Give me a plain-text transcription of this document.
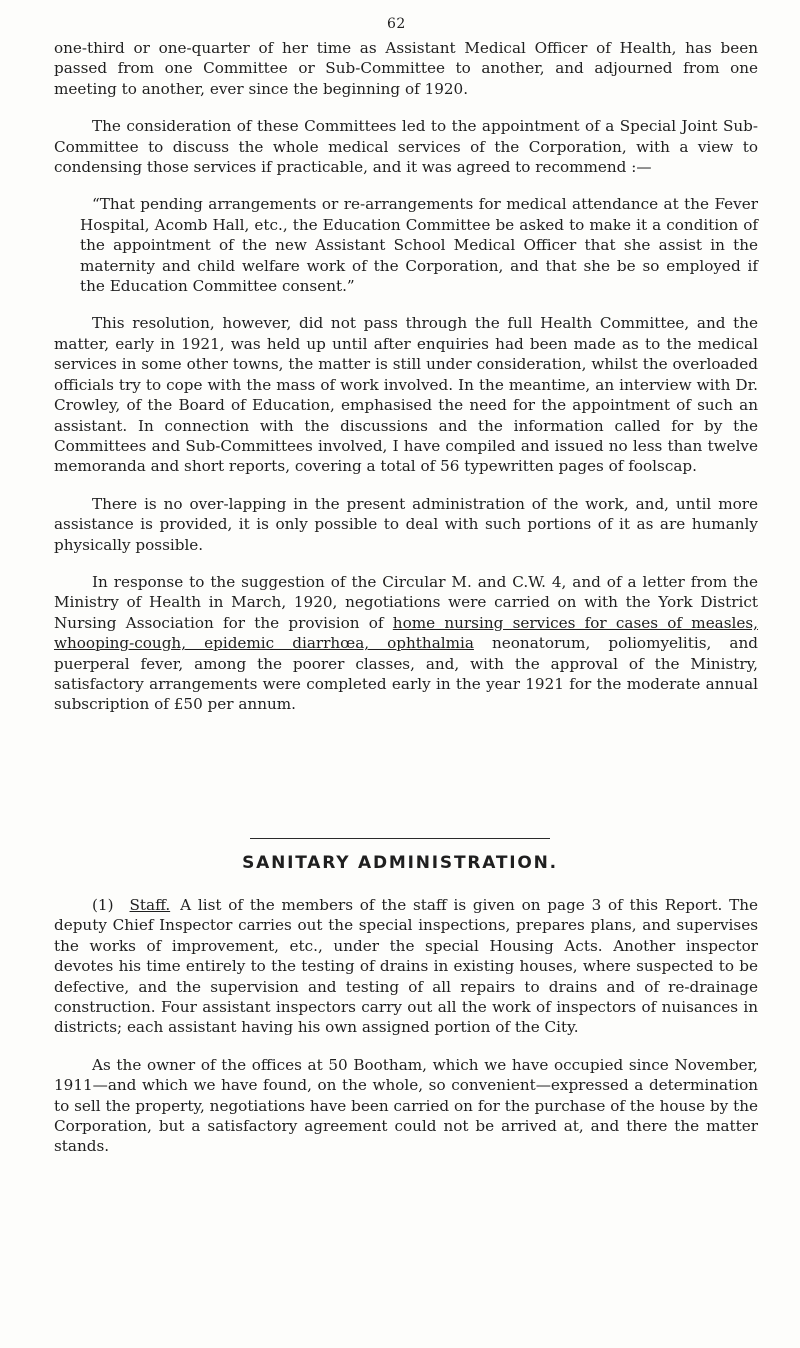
62

one-third or one-quarter of her time as Assistant Medical Officer of Health, has been passed from one Committee or Sub-Committee to another, and adjourned from one meeting to another, ever since the beginning of 1920.

The consideration of these Committees led to the appointment of a Special Joint Sub-Committee to discuss the whole medical services of the Corporation, with a view to condensing those services if practicable, and it was agreed to recommend :—

“That pending arrangements or re-arrangements for medical attendance at the Fever Hospital, Acomb Hall, etc., the Education Committee be asked to make it a condition of the appointment of the new Assistant School Medical Officer that she assist in the maternity and child welfare work of the Corporation, and that she be so employed if the Education Committee consent.”

This resolution, however, did not pass through the full Health Committee, and the matter, early in 1921, was held up until after enquiries had been made as to the medical services in some other towns, the matter is still under consideration, whilst the overloaded officials try to cope with the mass of work involved. In the meantime, an interview with Dr. Crowley, of the Board of Education, emphasised the need for the appointment of such an assistant. In connection with the discussions and the information called for by the Committees and Sub-Committees involved, I have compiled and issued no less than twelve memoranda and short reports, covering a total of 56 typewritten pages of foolscap.

There is no over-lapping in the present administration of the work, and, until more assistance is provided, it is only possible to deal with such portions of it as are humanly physically possible.

In response to the suggestion of the Circular M. and C.W. 4, and of a letter from the Ministry of Health in March, 1920, negotiations were carried on with the York District Nursing Association for the provision of home nursing services for cases of measles, whooping-cough, epidemic diarrhœa, ophthalmia neonatorum, poliomyelitis, and puerperal fever, among the poorer classes, and, with the approval of the Ministry, satisfactory arrangements were completed early in the year 1921 for the moderate annual subscription of £50 per annum.

SANITARY ADMINISTRATION.

(1) Staff. A list of the members of the staff is given on page 3 of this Report. The deputy Chief Inspector carries out the special inspections, prepares plans, and supervises the works of improvement, etc., under the special Housing Acts. Another inspector devotes his time entirely to the testing of drains in existing houses, where suspected to be defective, and the supervision and testing of all repairs to drains and of re-drainage construction. Four assistant inspectors carry out all the work of inspectors of nuisances in districts; each assistant having his own assigned portion of the City.

As the owner of the offices at 50 Bootham, which we have occupied since November, 1911—and which we have found, on the whole, so convenient—expressed a determination to sell the property, negotiations have been carried on for the purchase of the house by the Corporation, but a satisfactory agreement could not be arrived at, and there the matter stands.
